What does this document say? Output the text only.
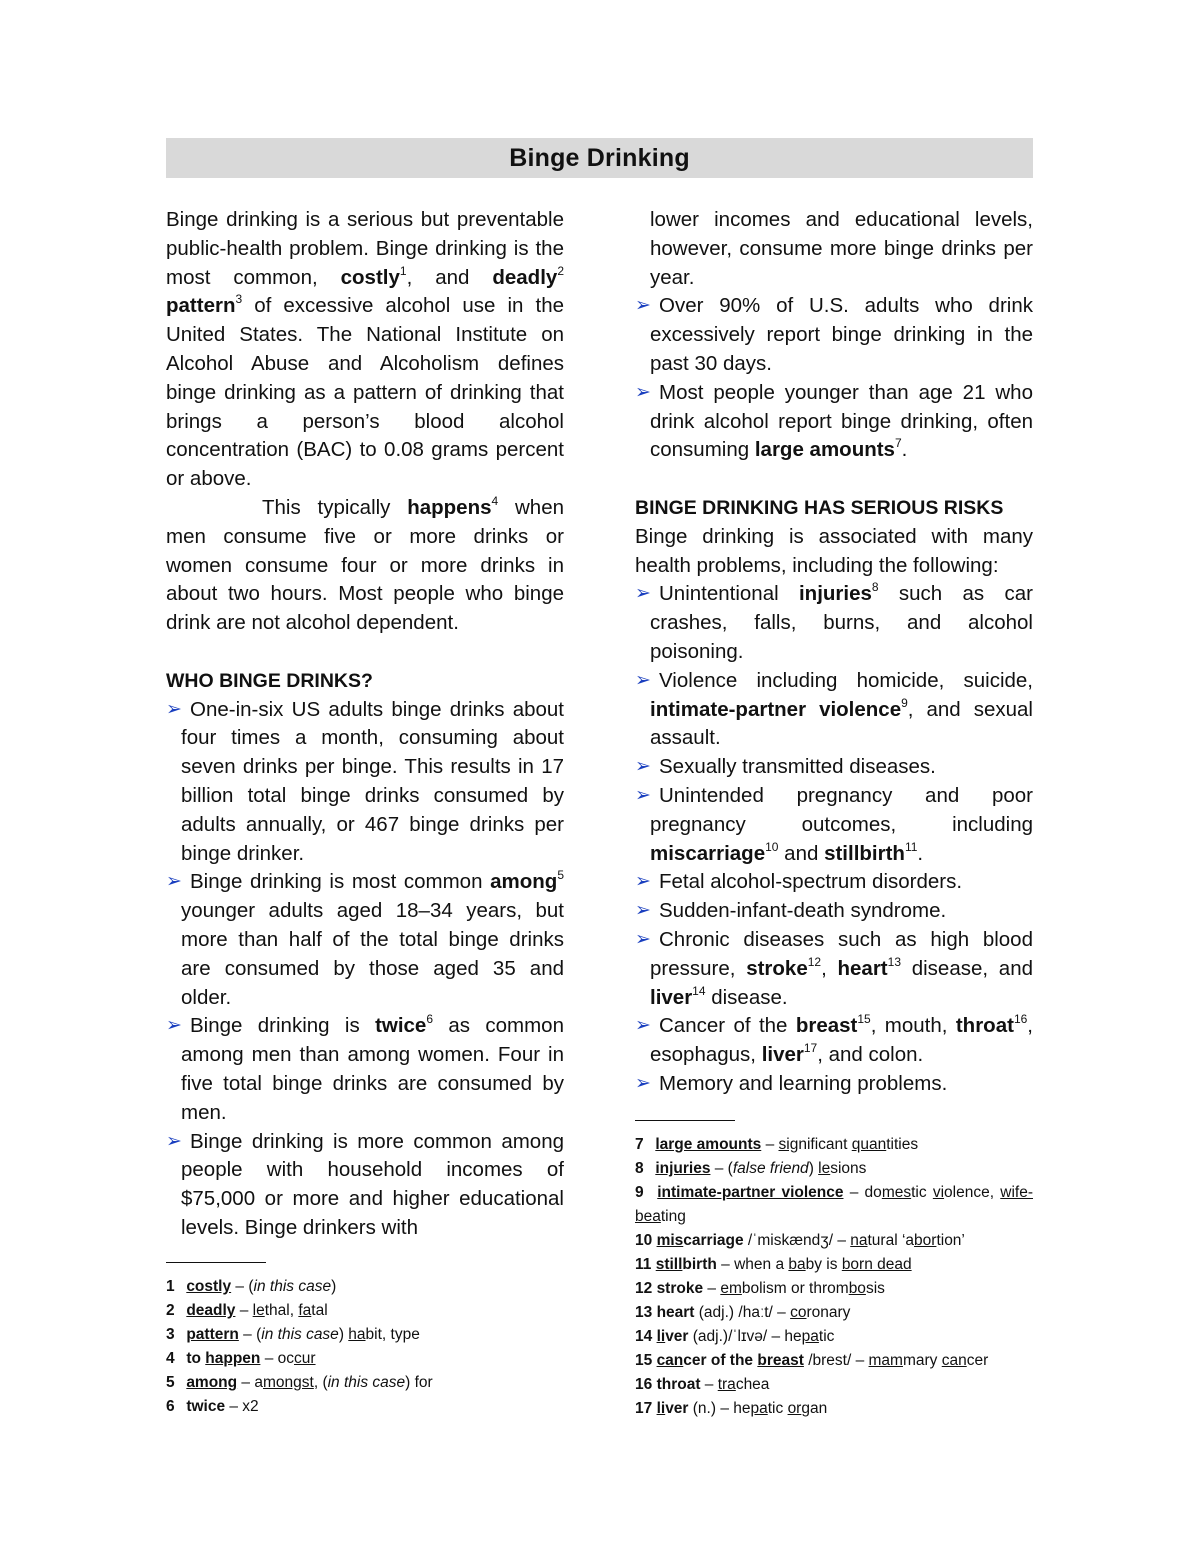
Binge Drinking

Binge drinking is a serious but preventable public-health problem. Binge drinking is the most common, costly$^1$, and deadly$^2$ pattern$^3$ of excessive alcohol use in the United States. The National Institute on Alcohol Abuse and Alcoholism defines binge drinking as a pattern of drinking that brings a person’s blood alcohol concentration (BAC) to 0.08 grams percent or above.

This typically happens$^4$ when men consume five or more drinks or women consume four or more drinks in about two hours. Most people who binge drink are not alcohol dependent.

WHO BINGE DRINKS?

➢ One-in-six US adults binge drinks about four times a month, consuming about seven drinks per binge. This results in 17 billion total binge drinks consumed by adults annually, or 467 binge drinks per binge drinker.
➢ Binge drinking is most common among$^5$ younger adults aged 18–34 years, but more than half of the total binge drinks are consumed by those aged 35 and older.
➢ Binge drinking is twice$^6$ as common among men than among women. Four in five total binge drinks are consumed by men.
➢ Binge drinking is more common among people with household incomes of $75,000 or more and higher educational levels. Binge drinkers with

1 costly – (in this case)

2 deadly – lethal, fatal

3 pattern – (in this case) habit, type

4 to happen – occur

5 among – amongst, (in this case) for

6 twice – x2

lower incomes and educational levels, however, consume more binge drinks per year.

➢ Over 90% of U.S. adults who drink excessively report binge drinking in the past 30 days.
➢ Most people younger than age 21 who drink alcohol report binge drinking, often consuming large amounts$^7$.

BINGE DRINKING HAS SERIOUS RISKS

Binge drinking is associated with many health problems, including the following:

➢ Unintentional injuries$^8$ such as car crashes, falls, burns, and alcohol poisoning.
➢ Violence including homicide, suicide, intimate-partner violence$^9$, and sexual assault.
➢ Sexually transmitted diseases.
➢ Unintended pregnancy and poor pregnancy outcomes, including miscarriage$^{10}$ and stillbirth$^{11}$.
➢ Fetal alcohol-spectrum disorders.
➢ Sudden-infant-death syndrome.
➢ Chronic diseases such as high blood pressure, stroke$^{12}$, heart$^{13}$ disease, and liver$^{14}$ disease.
➢ Cancer of the breast$^{15}$, mouth, throat$^{16}$, esophagus, liver$^{17}$, and colon.
➢ Memory and learning problems.

7 large amounts – significant quantities

8 injuries – (false friend) lesions

9 intimate-partner violence – domestic violence, wife-beating

10 miscarriage /ˈmiskændʒ/ – natural ‘abortion’

11 stillbirth – when a baby is born dead

12 stroke – embolism or thrombosis

13 heart (adj.) /haːt/ – coronary

14 liver (adj.)/ˈlɪvə/ – hepatic

15 cancer of the breast /brest/ – mammary cancer

16 throat – trachea

17 liver (n.) – hepatic organ
